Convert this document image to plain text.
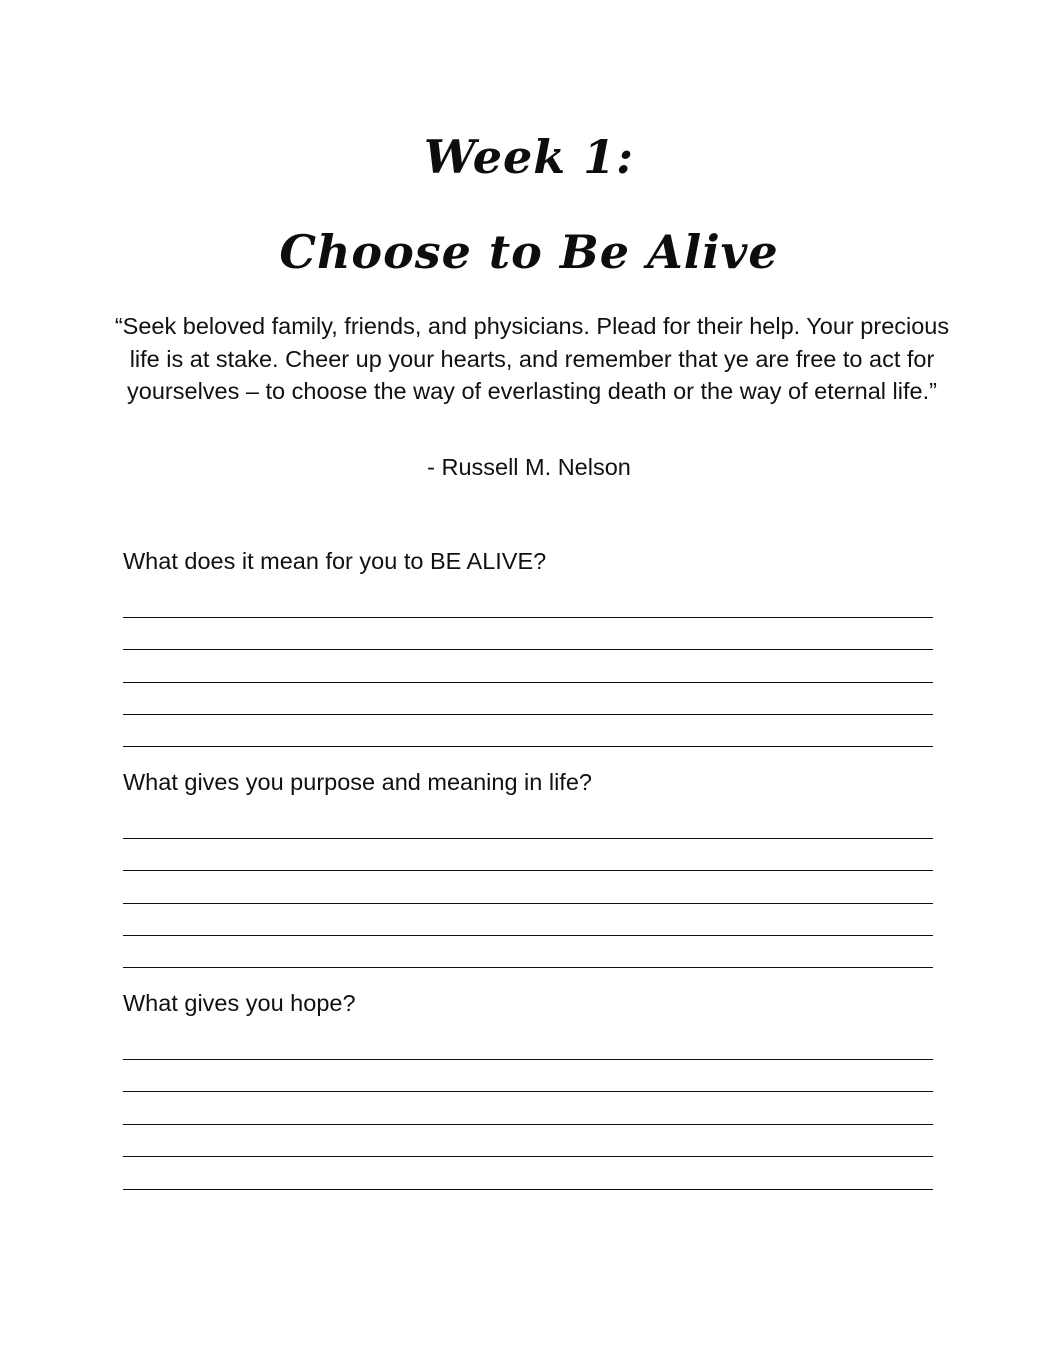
Week 1:
Choose to Be Alive

“Seek beloved family, friends, and physicians. Plead for their help. Your precious life is at stake. Cheer up your hearts, and remember that ye are free to act for yourselves – to choose the way of everlasting death or the way of eternal life.”

- Russell M. Nelson

What does it mean for you to BE ALIVE?

What gives you purpose and meaning in life?

What gives you hope?
